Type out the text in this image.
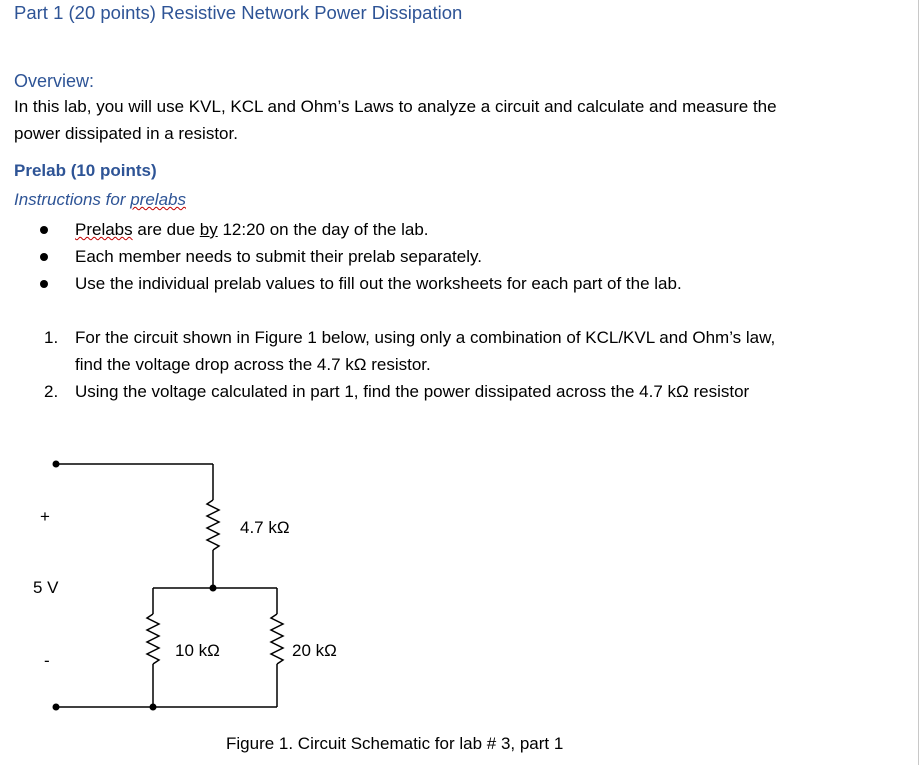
Part 1 (20 points) Resistive Network Power Dissipation
Overview:
In this lab, you will use KVL, KCL and Ohm’s Laws to analyze a circuit and calculate and measure the power dissipated in a resistor.
Prelab (10 points)
Instructions for prelabs
Prelabs are due by 12:20 on the day of the lab.
Each member needs to submit their prelab separately.
Use the individual prelab values to fill out the worksheets for each part of the lab.
1. For the circuit shown in Figure 1 below, using only a combination of KCL/KVL and Ohm’s law, find the voltage drop across the 4.7 kΩ resistor.
2. Using the voltage calculated in part 1, find the power dissipated across the 4.7 kΩ resistor
+
5 V
-
4.7 kΩ
10 kΩ	20 kΩ
Figure 1. Circuit Schematic for lab # 3, part 1
